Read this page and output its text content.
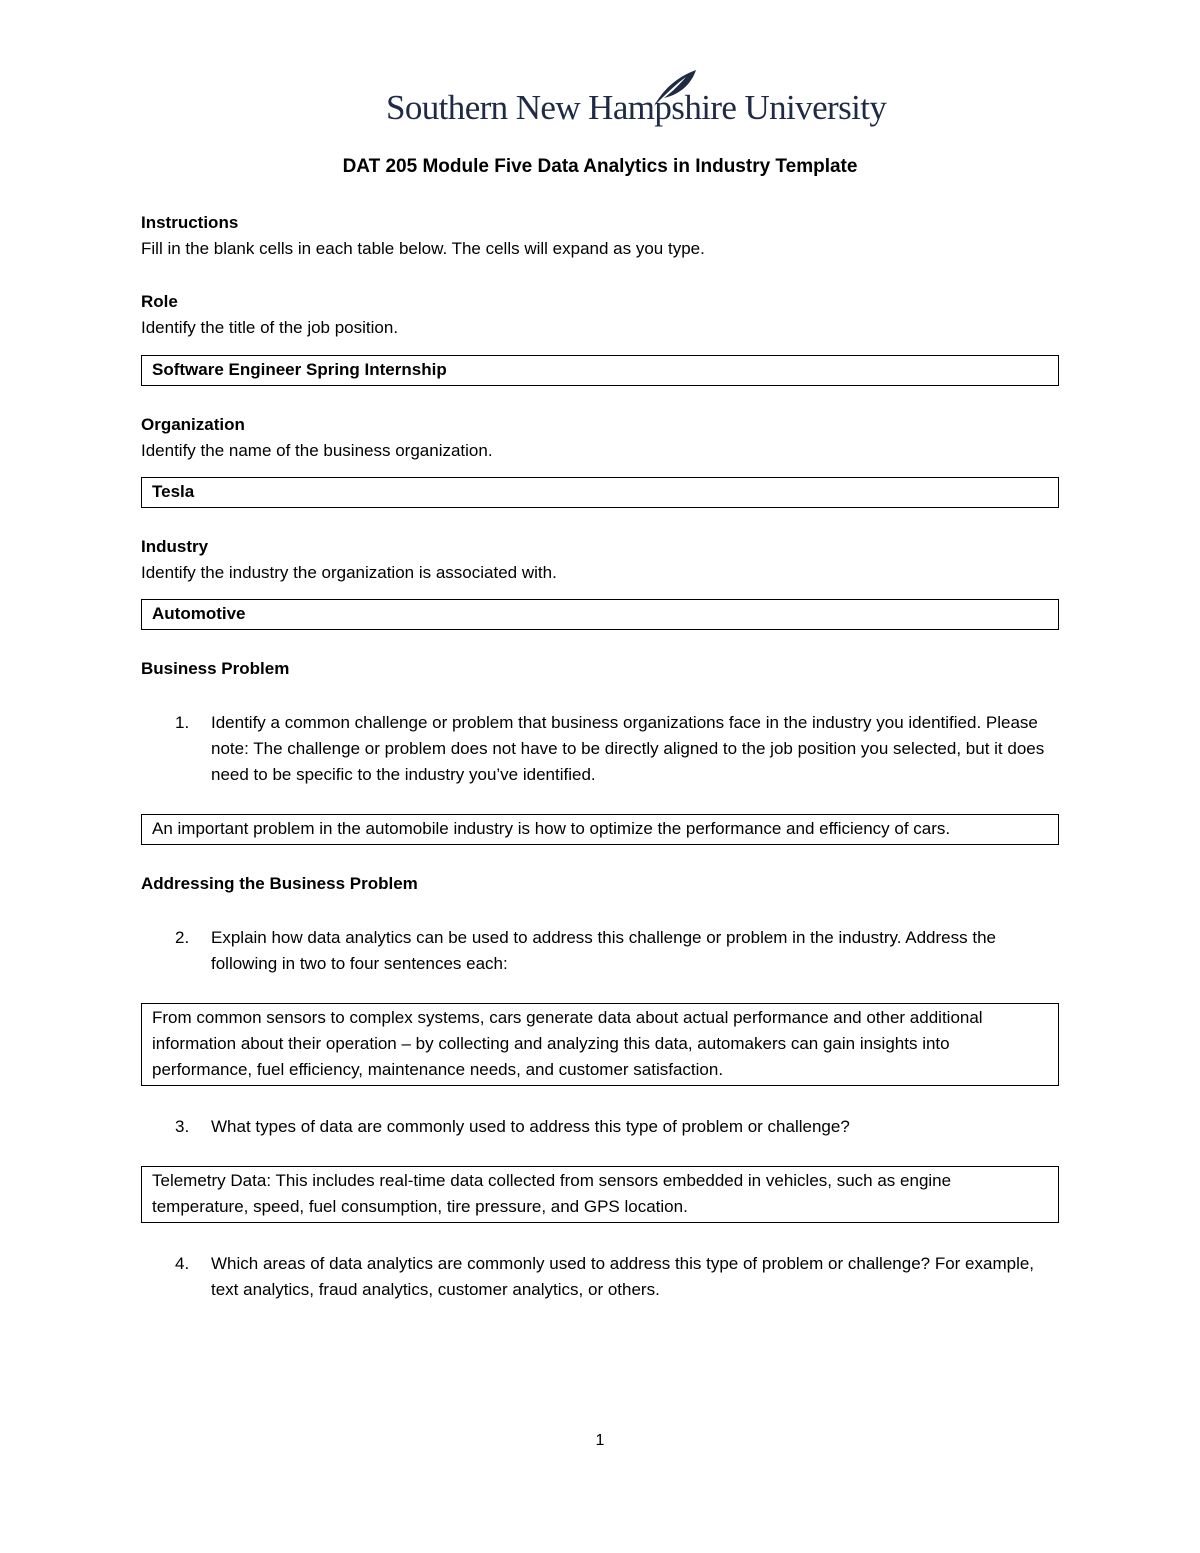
Southern New Hampshire University
DAT 205 Module Five Data Analytics in Industry Template
Instructions
Fill in the blank cells in each table below. The cells will expand as you type.
Role
Identify the title of the job position.
Software Engineer Spring Internship
Organization
Identify the name of the business organization.
Tesla
Industry
Identify the industry the organization is associated with.
Automotive
Business Problem
1. Identify a common challenge or problem that business organizations face in the industry you identified. Please note: The challenge or problem does not have to be directly aligned to the job position you selected, but it does need to be specific to the industry you’ve identified.
An important problem in the automobile industry is how to optimize the performance and efficiency of cars.
Addressing the Business Problem
2. Explain how data analytics can be used to address this challenge or problem in the industry. Address the following in two to four sentences each:
From common sensors to complex systems, cars generate data about actual performance and other additional information about their operation – by collecting and analyzing this data, automakers can gain insights into performance, fuel efficiency, maintenance needs, and customer satisfaction.
3. What types of data are commonly used to address this type of problem or challenge?
Telemetry Data: This includes real-time data collected from sensors embedded in vehicles, such as engine temperature, speed, fuel consumption, tire pressure, and GPS location.
4. Which areas of data analytics are commonly used to address this type of problem or challenge? For example, text analytics, fraud analytics, customer analytics, or others.
1
